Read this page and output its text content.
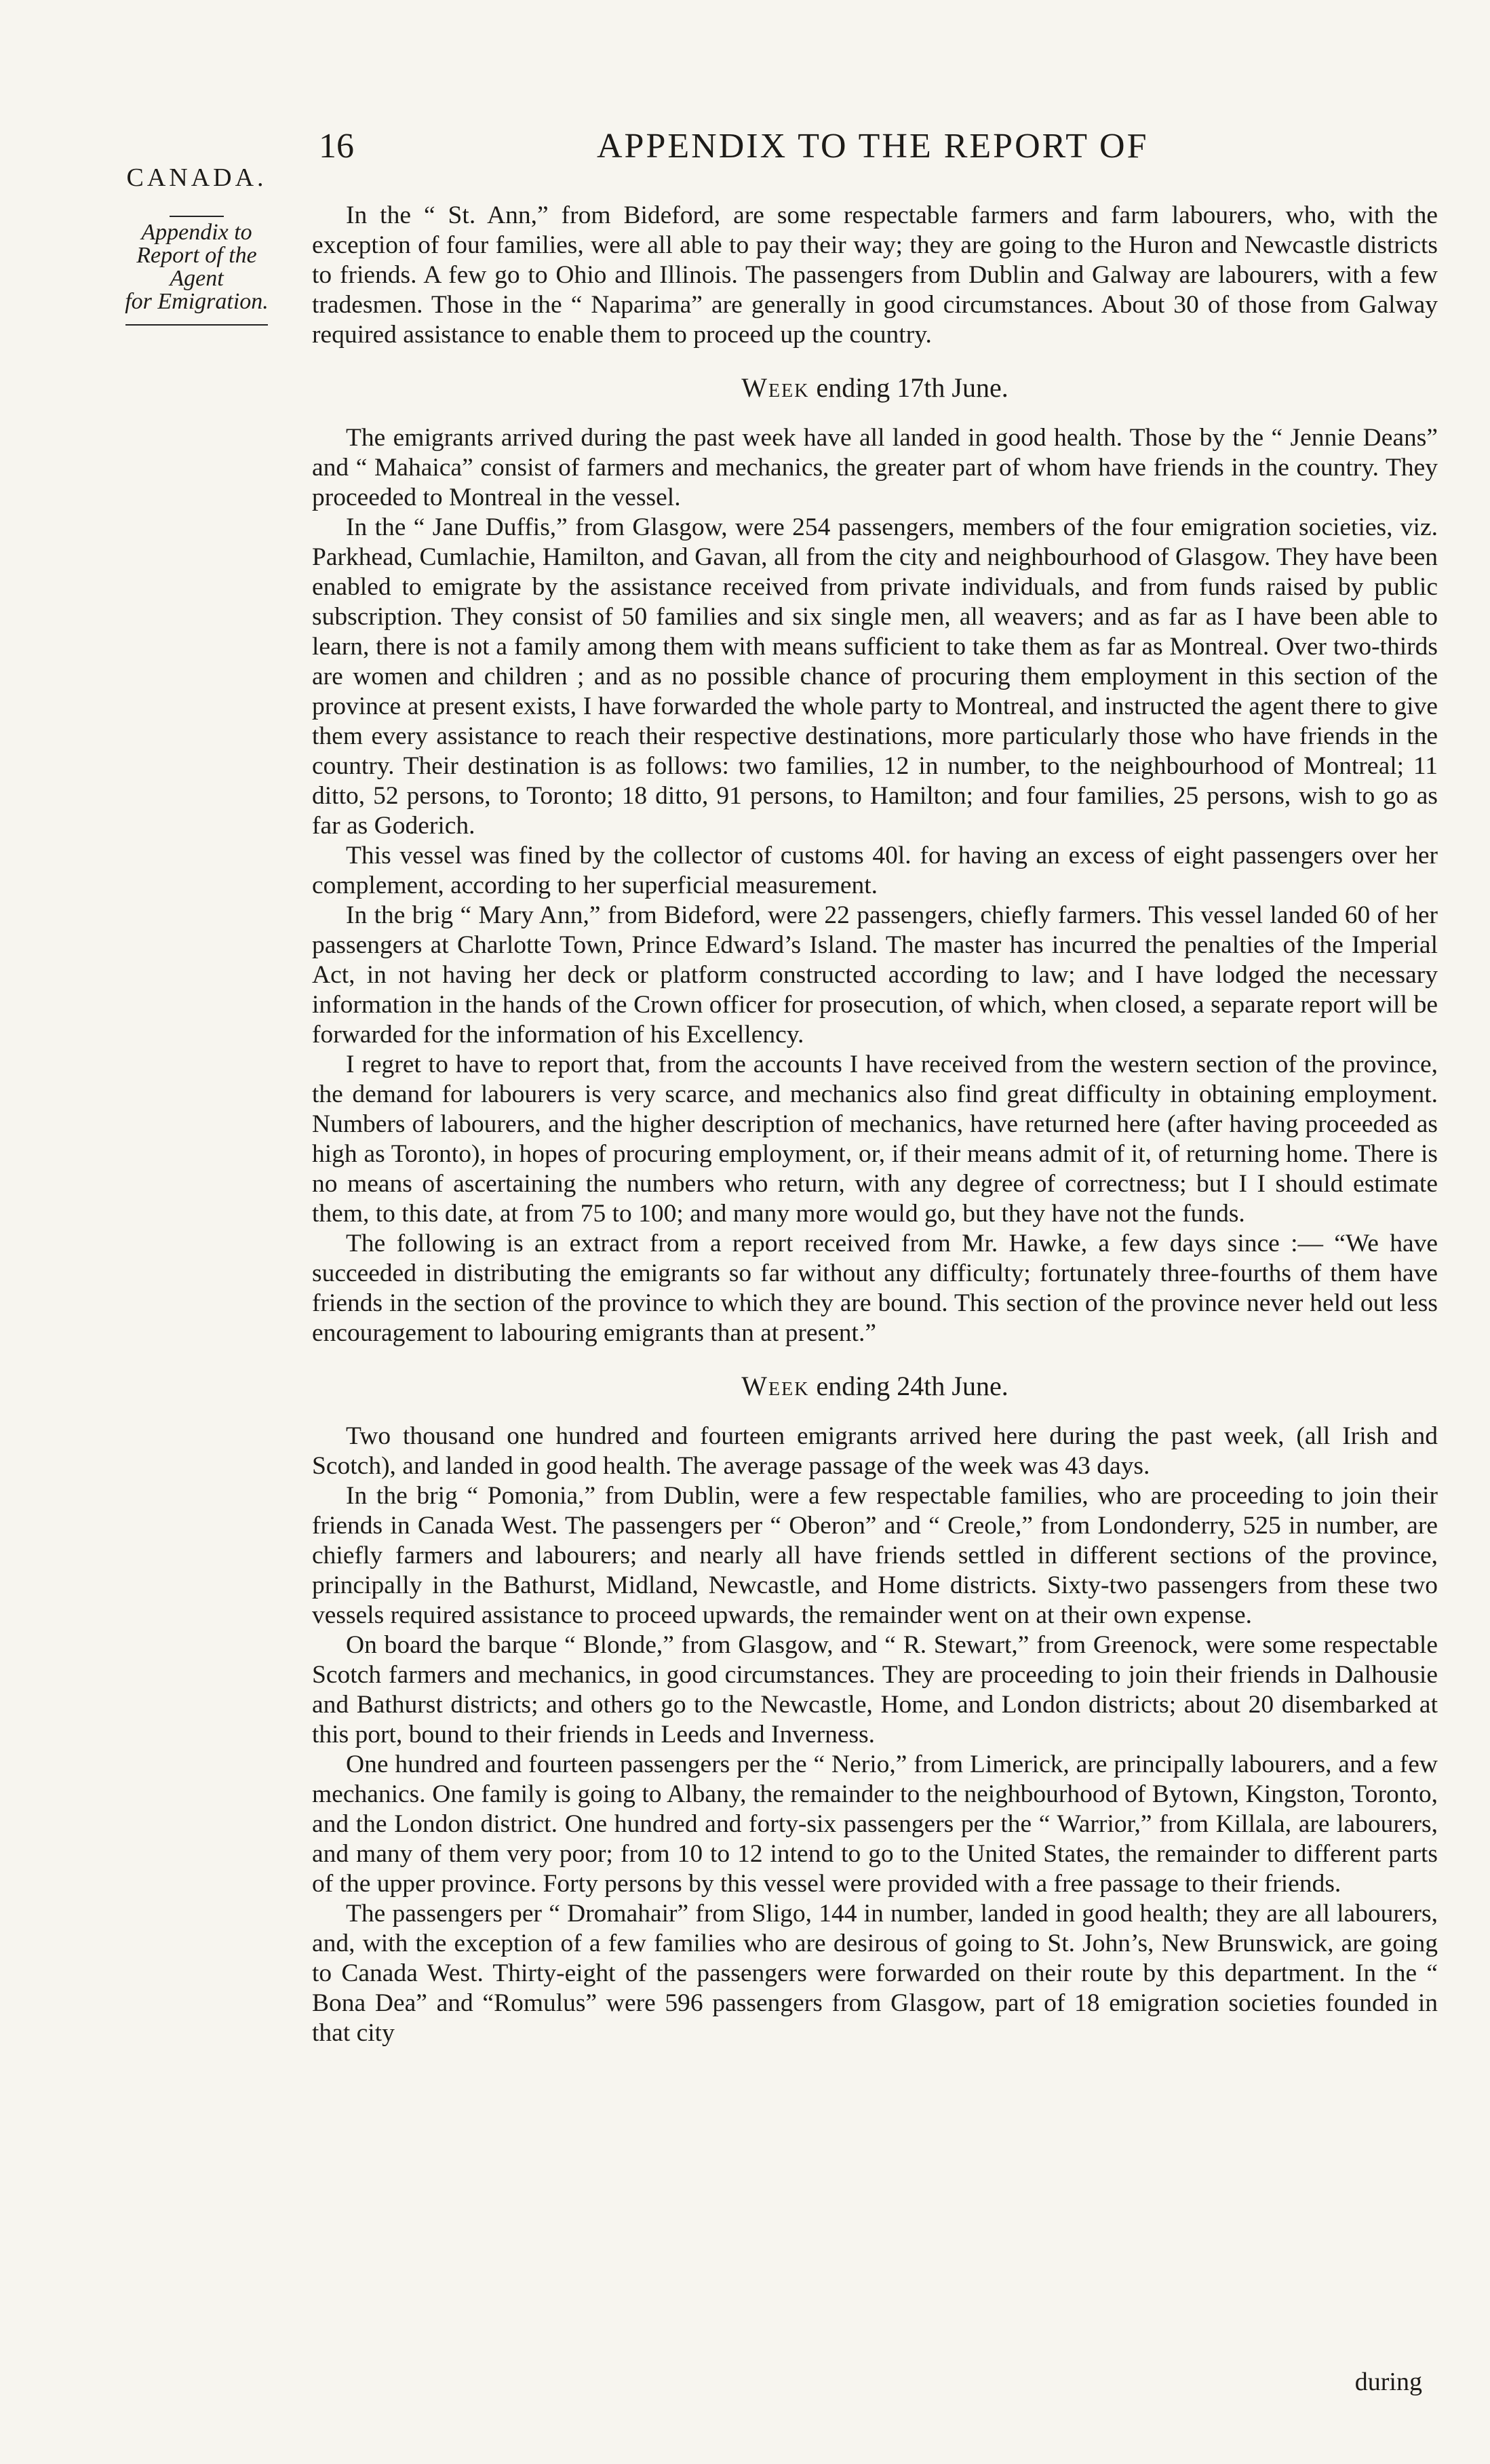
16	APPENDIX TO THE REPORT OF
CANADA.
Appendix to
Report of the Agent
for Emigration.

In the “ St. Ann,” from Bideford, are some respectable farmers and farm labourers, who, with the exception of four families, were all able to pay their way; they are going to the Huron and Newcastle districts to friends. A few go to Ohio and Illinois. The passengers from Dublin and Galway are labourers, with a few tradesmen. Those in the “ Naparima” are generally in good circumstances. About 30 of those from Galway required assistance to enable them to proceed up the country.

Week ending 17th June.

The emigrants arrived during the past week have all landed in good health. Those by the “ Jennie Deans” and “ Mahaica” consist of farmers and mechanics, the greater part of whom have friends in the country. They proceeded to Montreal in the vessel.

In the “ Jane Duffis,” from Glasgow, were 254 passengers, members of the four emigration societies, viz. Parkhead, Cumlachie, Hamilton, and Gavan, all from the city and neighbourhood of Glasgow. They have been enabled to emigrate by the assistance received from private individuals, and from funds raised by public subscription. They consist of 50 families and six single men, all weavers; and as far as I have been able to learn, there is not a family among them with means sufficient to take them as far as Montreal. Over two-thirds are women and children ; and as no possible chance of procuring them employment in this section of the province at present exists, I have forwarded the whole party to Montreal, and instructed the agent there to give them every assistance to reach their respective destinations, more particularly those who have friends in the country. Their destination is as follows: two families, 12 in number, to the neighbourhood of Montreal; 11 ditto, 52 persons, to Toronto; 18 ditto, 91 persons, to Hamilton; and four families, 25 persons, wish to go as far as Goderich.

This vessel was fined by the collector of customs 40l. for having an excess of eight passengers over her complement, according to her superficial measurement.

In the brig “ Mary Ann,” from Bideford, were 22 passengers, chiefly farmers. This vessel landed 60 of her passengers at Charlotte Town, Prince Edward’s Island. The master has incurred the penalties of the Imperial Act, in not having her deck or platform constructed according to law; and I have lodged the necessary information in the hands of the Crown officer for prosecution, of which, when closed, a separate report will be forwarded for the information of his Excellency.

I regret to have to report that, from the accounts I have received from the western section of the province, the demand for labourers is very scarce, and mechanics also find great difficulty in obtaining employment. Numbers of labourers, and the higher description of mechanics, have returned here (after having proceeded as high as Toronto), in hopes of procuring employment, or, if their means admit of it, of returning home. There is no means of ascertaining the numbers who return, with any degree of correctness; but I I should estimate them, to this date, at from 75 to 100; and many more would go, but they have not the funds.

The following is an extract from a report received from Mr. Hawke, a few days since :— “We have succeeded in distributing the emigrants so far without any difficulty; fortunately three-fourths of them have friends in the section of the province to which they are bound. This section of the province never held out less encouragement to labouring emigrants than at present.”

Week ending 24th June.

Two thousand one hundred and fourteen emigrants arrived here during the past week, (all Irish and Scotch), and landed in good health. The average passage of the week was 43 days.

In the brig “ Pomonia,” from Dublin, were a few respectable families, who are proceeding to join their friends in Canada West. The passengers per “ Oberon” and “ Creole,” from Londonderry, 525 in number, are chiefly farmers and labourers; and nearly all have friends settled in different sections of the province, principally in the Bathurst, Midland, Newcastle, and Home districts. Sixty-two passengers from these two vessels required assistance to proceed upwards, the remainder went on at their own expense.

On board the barque “ Blonde,” from Glasgow, and “ R. Stewart,” from Greenock, were some respectable Scotch farmers and mechanics, in good circumstances. They are proceeding to join their friends in Dalhousie and Bathurst districts; and others go to the Newcastle, Home, and London districts; about 20 disembarked at this port, bound to their friends in Leeds and Inverness.

One hundred and fourteen passengers per the “ Nerio,” from Limerick, are principally labourers, and a few mechanics. One family is going to Albany, the remainder to the neighbourhood of Bytown, Kingston, Toronto, and the London district. One hundred and forty-six passengers per the “ Warrior,” from Killala, are labourers, and many of them very poor; from 10 to 12 intend to go to the United States, the remainder to different parts of the upper province. Forty persons by this vessel were provided with a free passage to their friends.

The passengers per “ Dromahair” from Sligo, 144 in number, landed in good health; they are all labourers, and, with the exception of a few families who are desirous of going to St. John’s, New Brunswick, are going to Canada West. Thirty-eight of the passengers were forwarded on their route by this department. In the “ Bona Dea” and “Romulus” were 596 passengers from Glasgow, part of 18 emigration societies founded in that city

during
